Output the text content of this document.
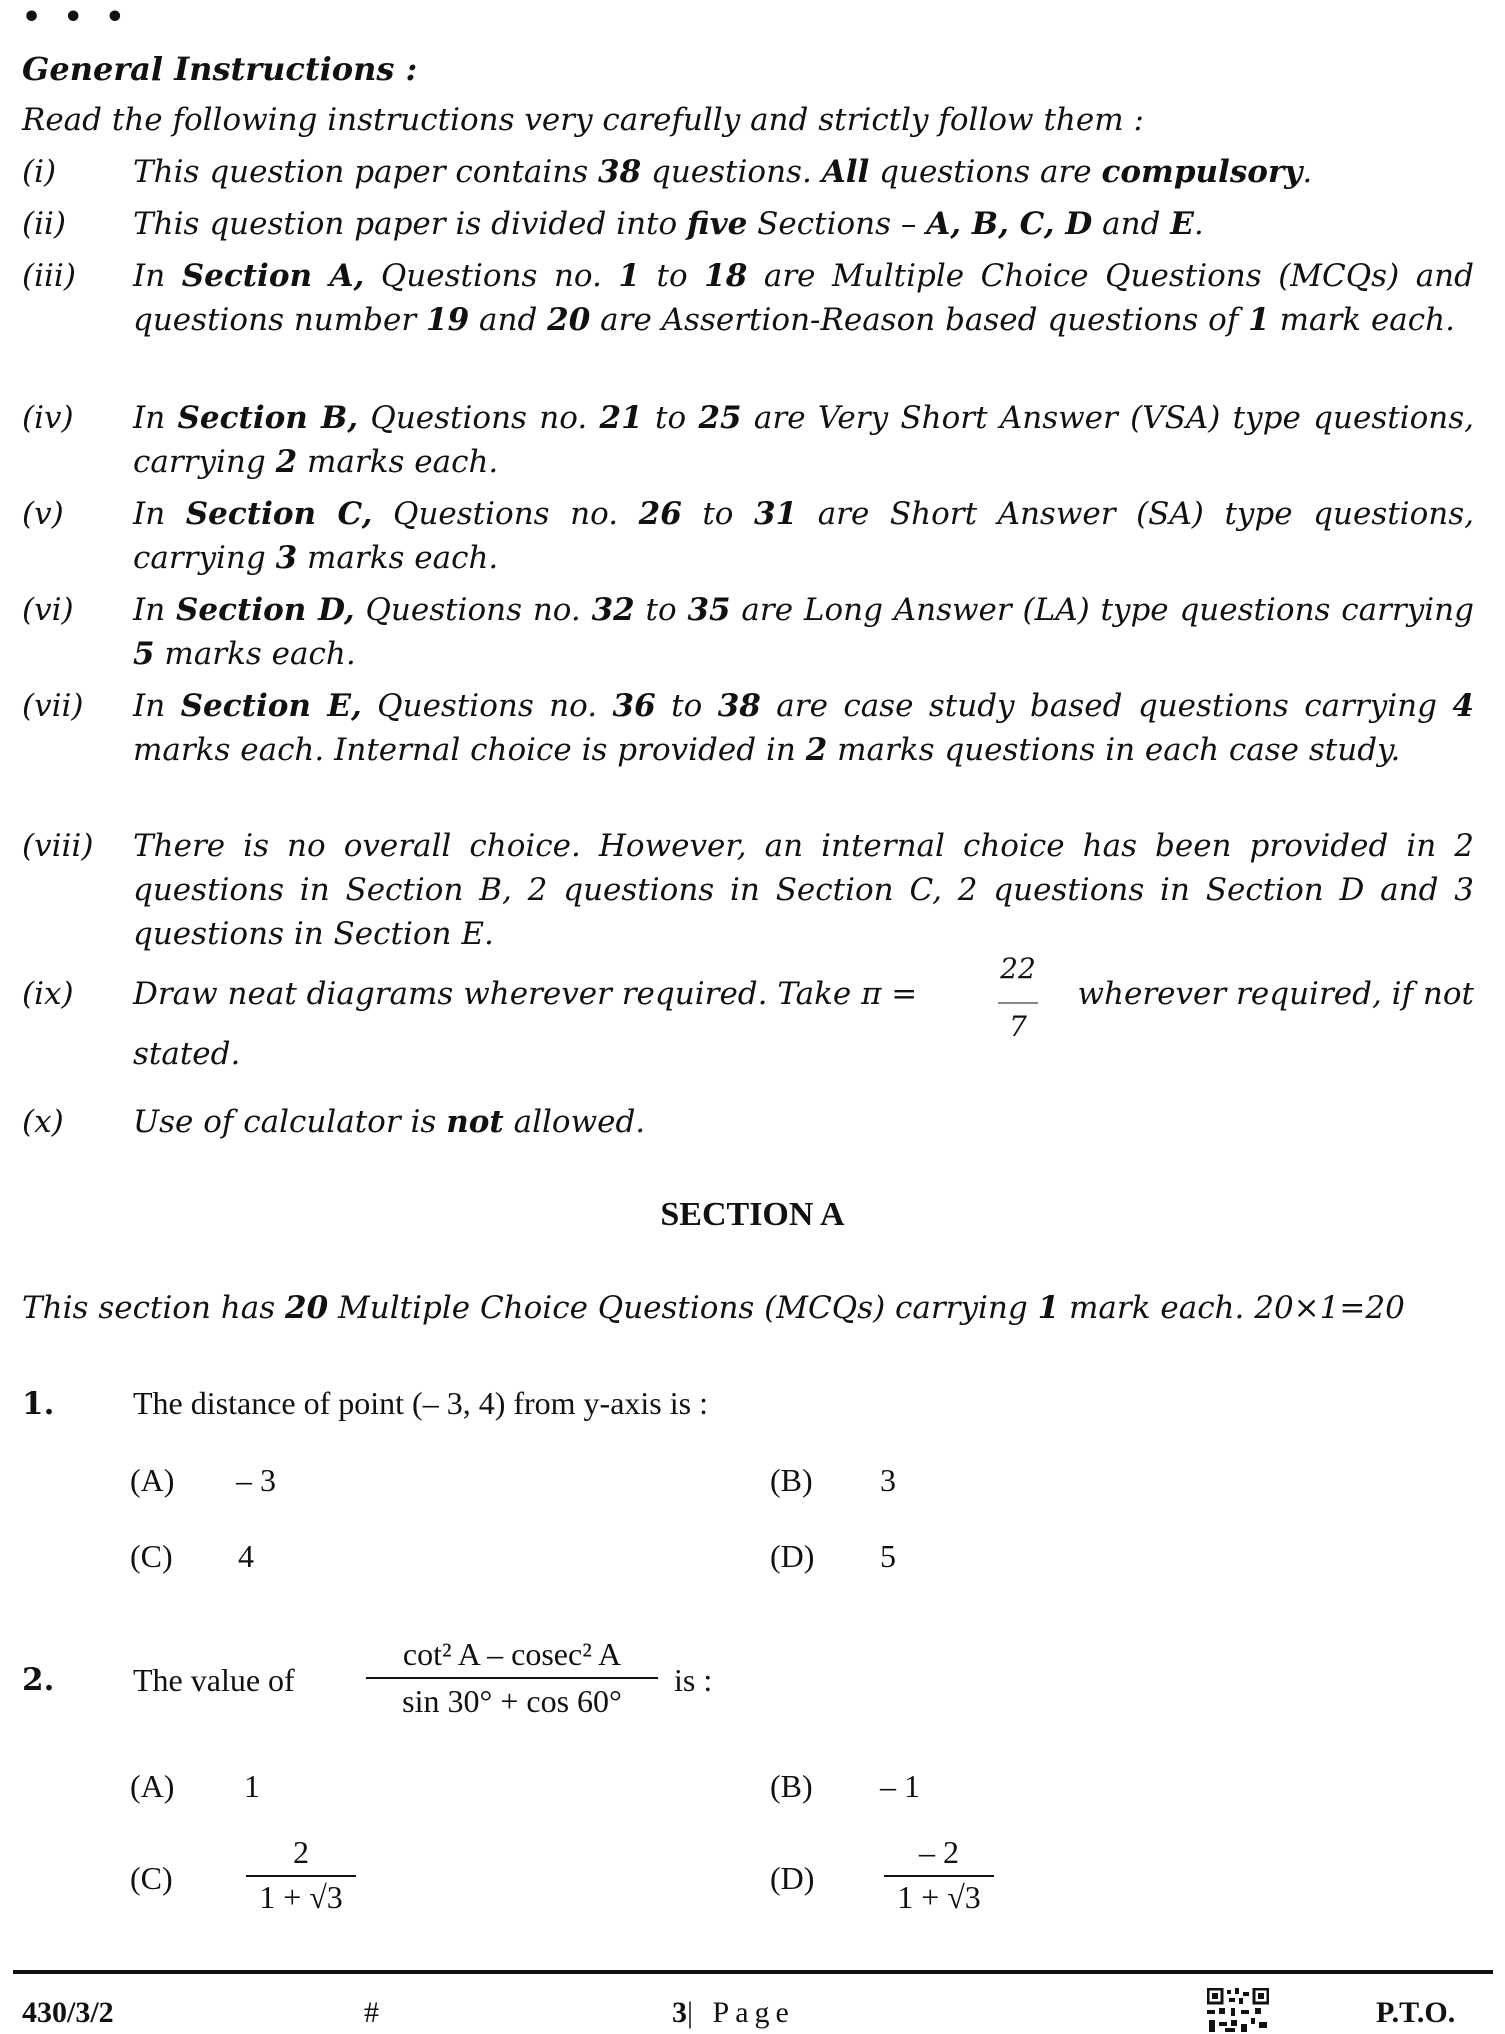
• • •
General Instructions :
Read the following instructions very carefully and strictly follow them :
(i) This question paper contains 38 questions. All questions are compulsory.
(ii) This question paper is divided into five Sections – A, B, C, D and E.
(iii) In Section A, Questions no. 1 to 18 are Multiple Choice Questions (MCQs) and questions number 19 and 20 are Assertion-Reason based questions of 1 mark each.
(iv) In Section B, Questions no. 21 to 25 are Very Short Answer (VSA) type questions, carrying 2 marks each.
(v) In Section C, Questions no. 26 to 31 are Short Answer (SA) type questions, carrying 3 marks each.
(vi) In Section D, Questions no. 32 to 35 are Long Answer (LA) type questions carrying 5 marks each.
(vii) In Section E, Questions no. 36 to 38 are case study based questions carrying 4 marks each. Internal choice is provided in 2 marks questions in each case study.
(viii) There is no overall choice. However, an internal choice has been provided in 2 questions in Section B, 2 questions in Section C, 2 questions in Section D and 3 questions in Section E.
(ix) Draw neat diagrams wherever required. Take π =
22
7
wherever required, if not
stated.
(x) Use of calculator is not allowed.
SECTION A
This section has 20 Multiple Choice Questions (MCQs) carrying 1 mark each. 20×1=20
1. The distance of point (– 3, 4) from y-axis is :
(A) – 3	(B) 3
(C) 4	(D) 5
2. The value of $\frac{\text{cot² A – cosec² A}}{\sin 30^\circ + \cos 60^\circ}$ is :
(A) 1	(B) – 1
$(C) \frac{2}{1 + √3}$	$(D) \frac{- 2}{1 + √3}$
430/3/2	#	3| Page	P.T.O.
